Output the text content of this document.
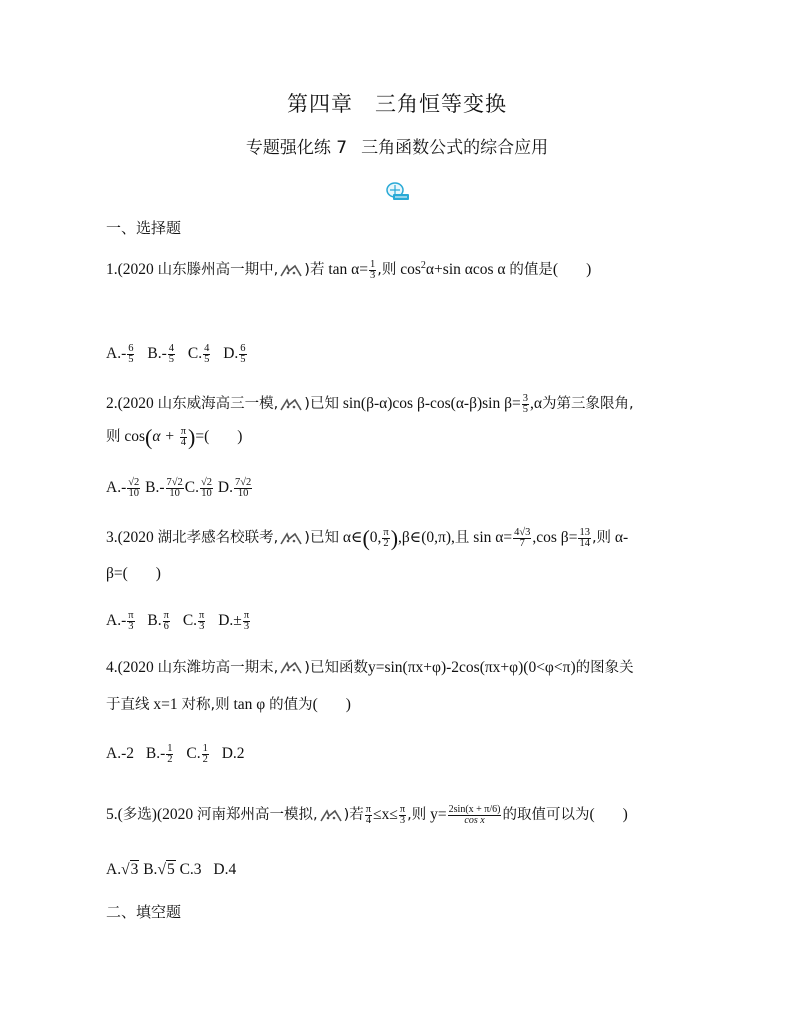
第四章 三角恒等变换
专题强化练 7 三角函数公式的综合应用
一、选择题
1.(2020 山东滕州高一期中, )若 $\tan \alpha= \frac{1}{3}$ ,则 $\cos^2\alpha+\sin$ αcos α 的值是( )
$A.- \frac{6}{5} B.- \frac{4}{5} C$. $\frac{4}{5} D$. $\frac{6}{5}$
2.(2020 山东威海高三一模, )已知 sin(β-α)cos β-cos(α-β)sin $\beta= \frac{3}{5} ,\alpha$为第三象限角,
则 $\cos(\alpha + \frac{\pi}{4}$ )=( )
$A.- \frac{√2}{10} B.- \frac{7√2}{10} C$. $\frac{√2}{10} D$. $\frac{7√2}{10}$
3.(2020 湖北孝感名校联考, )已知 α∈(0, $\frac{\pi}{2}$ ),β∈(0,π),且 $\sin \alpha= \frac{4√3}{7} ,\cos$ $\beta= \frac{13}{14}$ ,则 α-
β=( )
$A.- \frac{\pi}{3} B$. $\frac{\pi}{6} C$. $\frac{\pi}{3} D.\pm \frac{\pi}{3}$
4.(2020 山东潍坊高一期末, )已知函数y=sin(πx+φ)-2cos(πx+φ)(0<φ<π)的图象关
于直线 x=1 对称,则 tan φ 的值为( )
A.-2 $B.- \frac{1}{2} C$. $\frac{1}{2} D.2$
5.(多选)(2020 河南郑州高一模拟, )若 $\frac{\pi}{4} \le x\le \frac{\pi}{3}$ ,则 $y= \frac{2\sin(x + \pi/6)}{\text{cos x}}$ 的取值可以为( )
A.√3 B.√5 C.3 D.4
二、填空题
